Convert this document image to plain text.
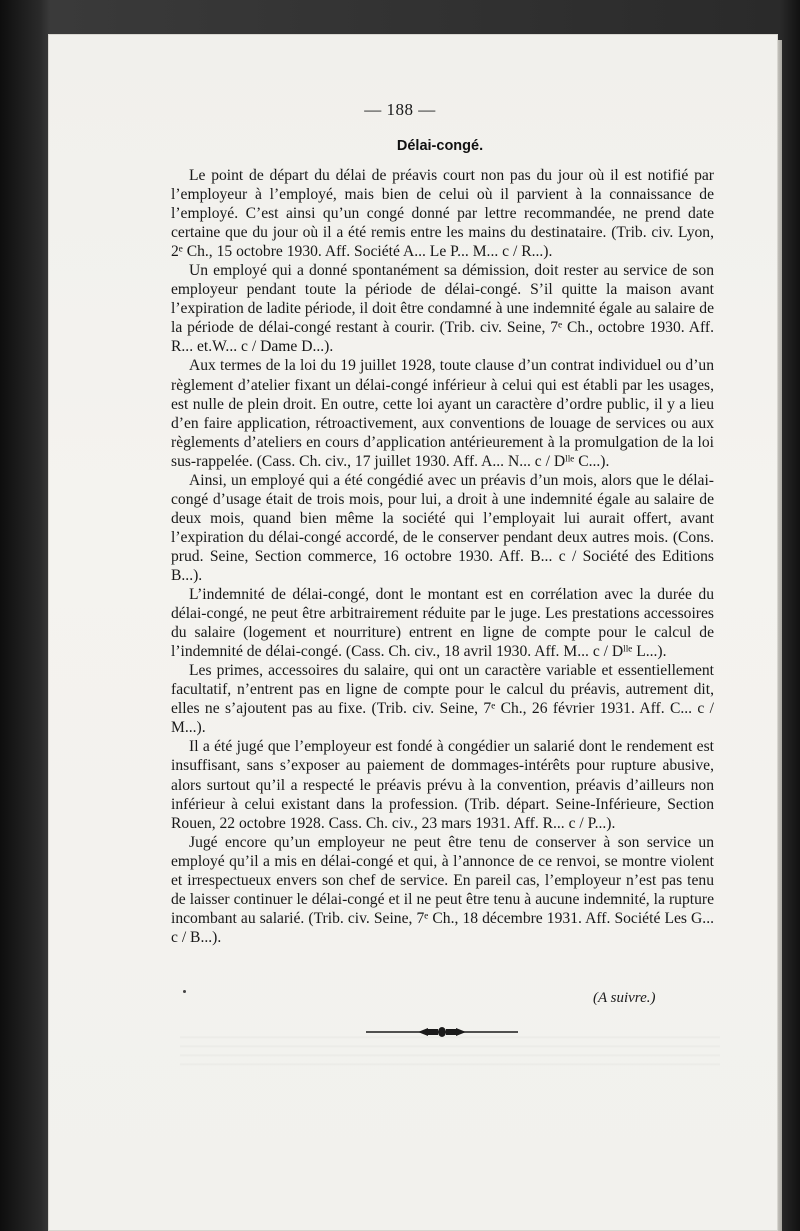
— 188 —
Délai-congé.

Le point de départ du délai de préavis court non pas du jour où il est notifié par l’employeur à l’employé, mais bien de celui où il parvient à la connaissance de l’employé. C’est ainsi qu’un congé donné par lettre recommandée, ne prend date certaine que du jour où il a été remis entre les mains du destinataire. (Trib. civ. Lyon, 2ᵉ Ch., 15 octobre 1930. Aff. Société A... Le P... M... c / R...).

Un employé qui a donné spontanément sa démission, doit rester au service de son employeur pendant toute la période de délai-congé. S’il quitte la maison avant l’expiration de ladite période, il doit être condamné à une indemnité égale au salaire de la période de délai-congé restant à courir. (Trib. civ. Seine, 7ᵉ Ch., octobre 1930. Aff. R... et.W... c / Dame D...).

Aux termes de la loi du 19 juillet 1928, toute clause d’un contrat individuel ou d’un règlement d’atelier fixant un délai-congé inférieur à celui qui est établi par les usages, est nulle de plein droit. En outre, cette loi ayant un caractère d’ordre public, il y a lieu d’en faire application, rétroactivement, aux conventions de louage de services ou aux règlements d’ateliers en cours d’application antérieurement à la promulgation de la loi sus-rappelée. (Cass. Ch. civ., 17 juillet 1930. Aff. A... N... c / Dˡˡᵉ C...).

Ainsi, un employé qui a été congédié avec un préavis d’un mois, alors que le délai-congé d’usage était de trois mois, pour lui, a droit à une indemnité égale au salaire de deux mois, quand bien même la société qui l’employait lui aurait offert, avant l’expiration du délai-congé accordé, de le conserver pendant deux autres mois. (Cons. prud. Seine, Section commerce, 16 octobre 1930. Aff. B... c / Société des Editions B...).

L’indemnité de délai-congé, dont le montant est en corrélation avec la durée du délai-congé, ne peut être arbitrairement réduite par le juge. Les prestations accessoires du salaire (logement et nourriture) entrent en ligne de compte pour le calcul de l’indemnité de délai-congé. (Cass. Ch. civ., 18 avril 1930. Aff. M... c / Dˡˡᵉ L...).

Les primes, accessoires du salaire, qui ont un caractère variable et essentiellement facultatif, n’entrent pas en ligne de compte pour le calcul du préavis, autrement dit, elles ne s’ajoutent pas au fixe. (Trib. civ. Seine, 7ᵉ Ch., 26 février 1931. Aff. C... c / M...).

Il a été jugé que l’employeur est fondé à congédier un salarié dont le rendement est insuffisant, sans s’exposer au paiement de dommages-intérêts pour rupture abusive, alors surtout qu’il a respecté le préavis prévu à la convention, préavis d’ailleurs non inférieur à celui existant dans la profession. (Trib. départ. Seine-Inférieure, Section Rouen, 22 octobre 1928. Cass. Ch. civ., 23 mars 1931. Aff. R... c / P...).

Jugé encore qu’un employeur ne peut être tenu de conserver à son service un employé qu’il a mis en délai-congé et qui, à l’annonce de ce renvoi, se montre violent et irrespectueux envers son chef de service. En pareil cas, l’employeur n’est pas tenu de laisser continuer le délai-congé et il ne peut être tenu à aucune indemnité, la rupture incombant au salarié. (Trib. civ. Seine, 7ᵉ Ch., 18 décembre 1931. Aff. Société Les G... c / B...).

(A suivre.)
